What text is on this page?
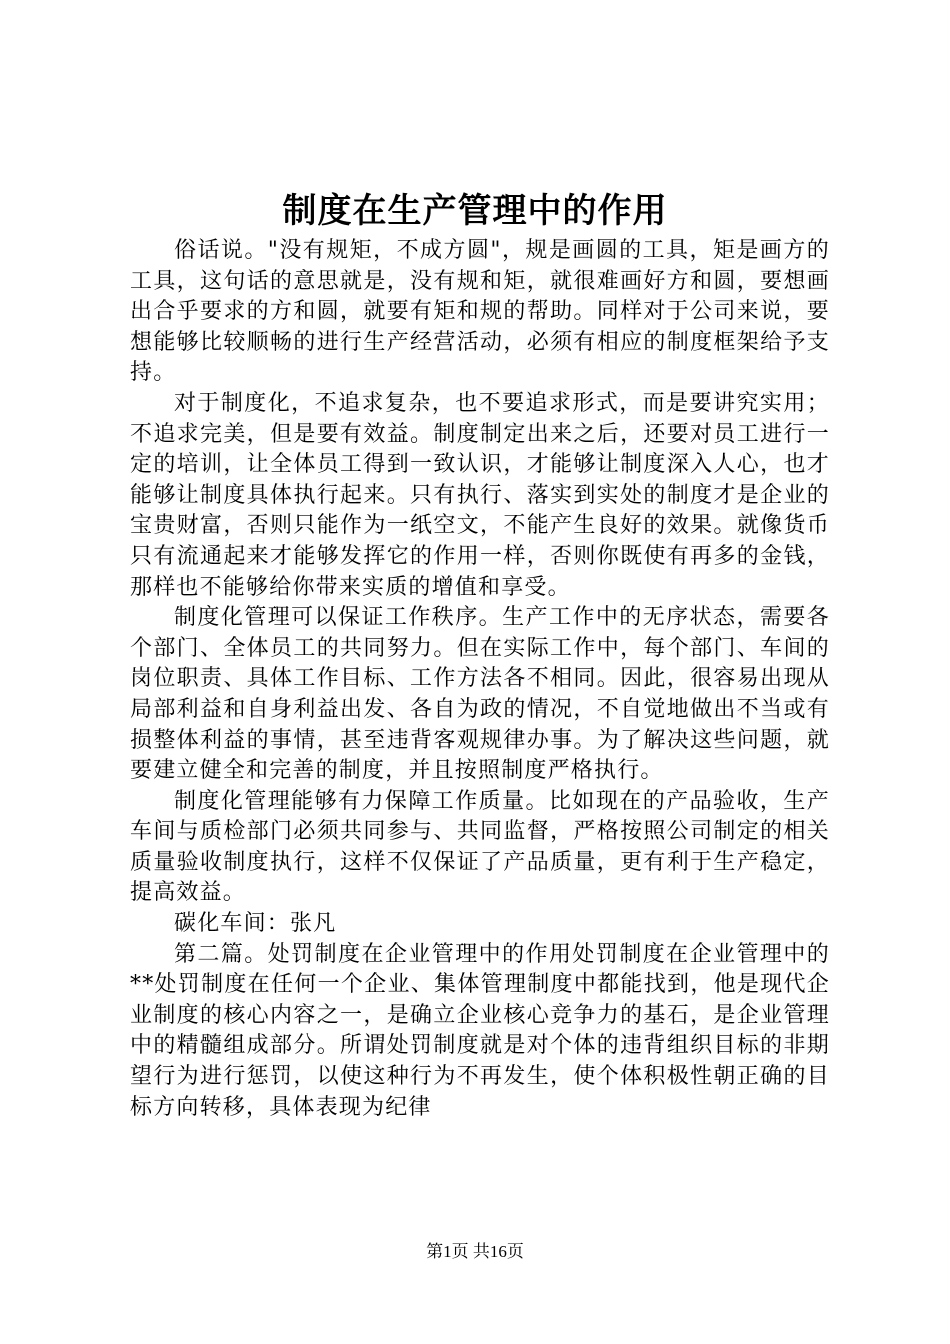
制度在生产管理中的作用

俗话说。"没有规矩，不成方圆"，规是画圆的工具，矩是画方的工具，这句话的意思就是，没有规和矩，就很难画好方和圆，要想画出合乎要求的方和圆，就要有矩和规的帮助。同样对于公司来说，要想能够比较顺畅的进行生产经营活动，必须有相应的制度框架给予支持。

对于制度化，不追求复杂，也不要追求形式，而是要讲究实用；不追求完美，但是要有效益。制度制定出来之后，还要对员工进行一定的培训，让全体员工得到一致认识，才能够让制度深入人心，也才能够让制度具体执行起来。只有执行、落实到实处的制度才是企业的宝贵财富，否则只能作为一纸空文，不能产生良好的效果。就像货币只有流通起来才能够发挥它的作用一样，否则你既使有再多的金钱，那样也不能够给你带来实质的增值和享受。

制度化管理可以保证工作秩序。生产工作中的无序状态，需要各个部门、全体员工的共同努力。但在实际工作中，每个部门、车间的岗位职责、具体工作目标、工作方法各不相同。因此，很容易出现从局部利益和自身利益出发、各自为政的情况，不自觉地做出不当或有损整体利益的事情，甚至违背客观规律办事。为了解决这些问题，就要建立健全和完善的制度，并且按照制度严格执行。

制度化管理能够有力保障工作质量。比如现在的产品验收，生产车间与质检部门必须共同参与、共同监督，严格按照公司制定的相关质量验收制度执行，这样不仅保证了产品质量，更有利于生产稳定，提高效益。

碳化车间：张凡

第二篇。处罚制度在企业管理中的作用处罚制度在企业管理中的**处罚制度在任何一个企业、集体管理制度中都能找到，他是现代企业制度的核心内容之一，是确立企业核心竞争力的基石，是企业管理中的精髓组成部分。所谓处罚制度就是对个体的违背组织目标的非期望行为进行惩罚，以使这种行为不再发生，使个体积极性朝正确的目标方向转移，具体表现为纪律

第1页 共16页
